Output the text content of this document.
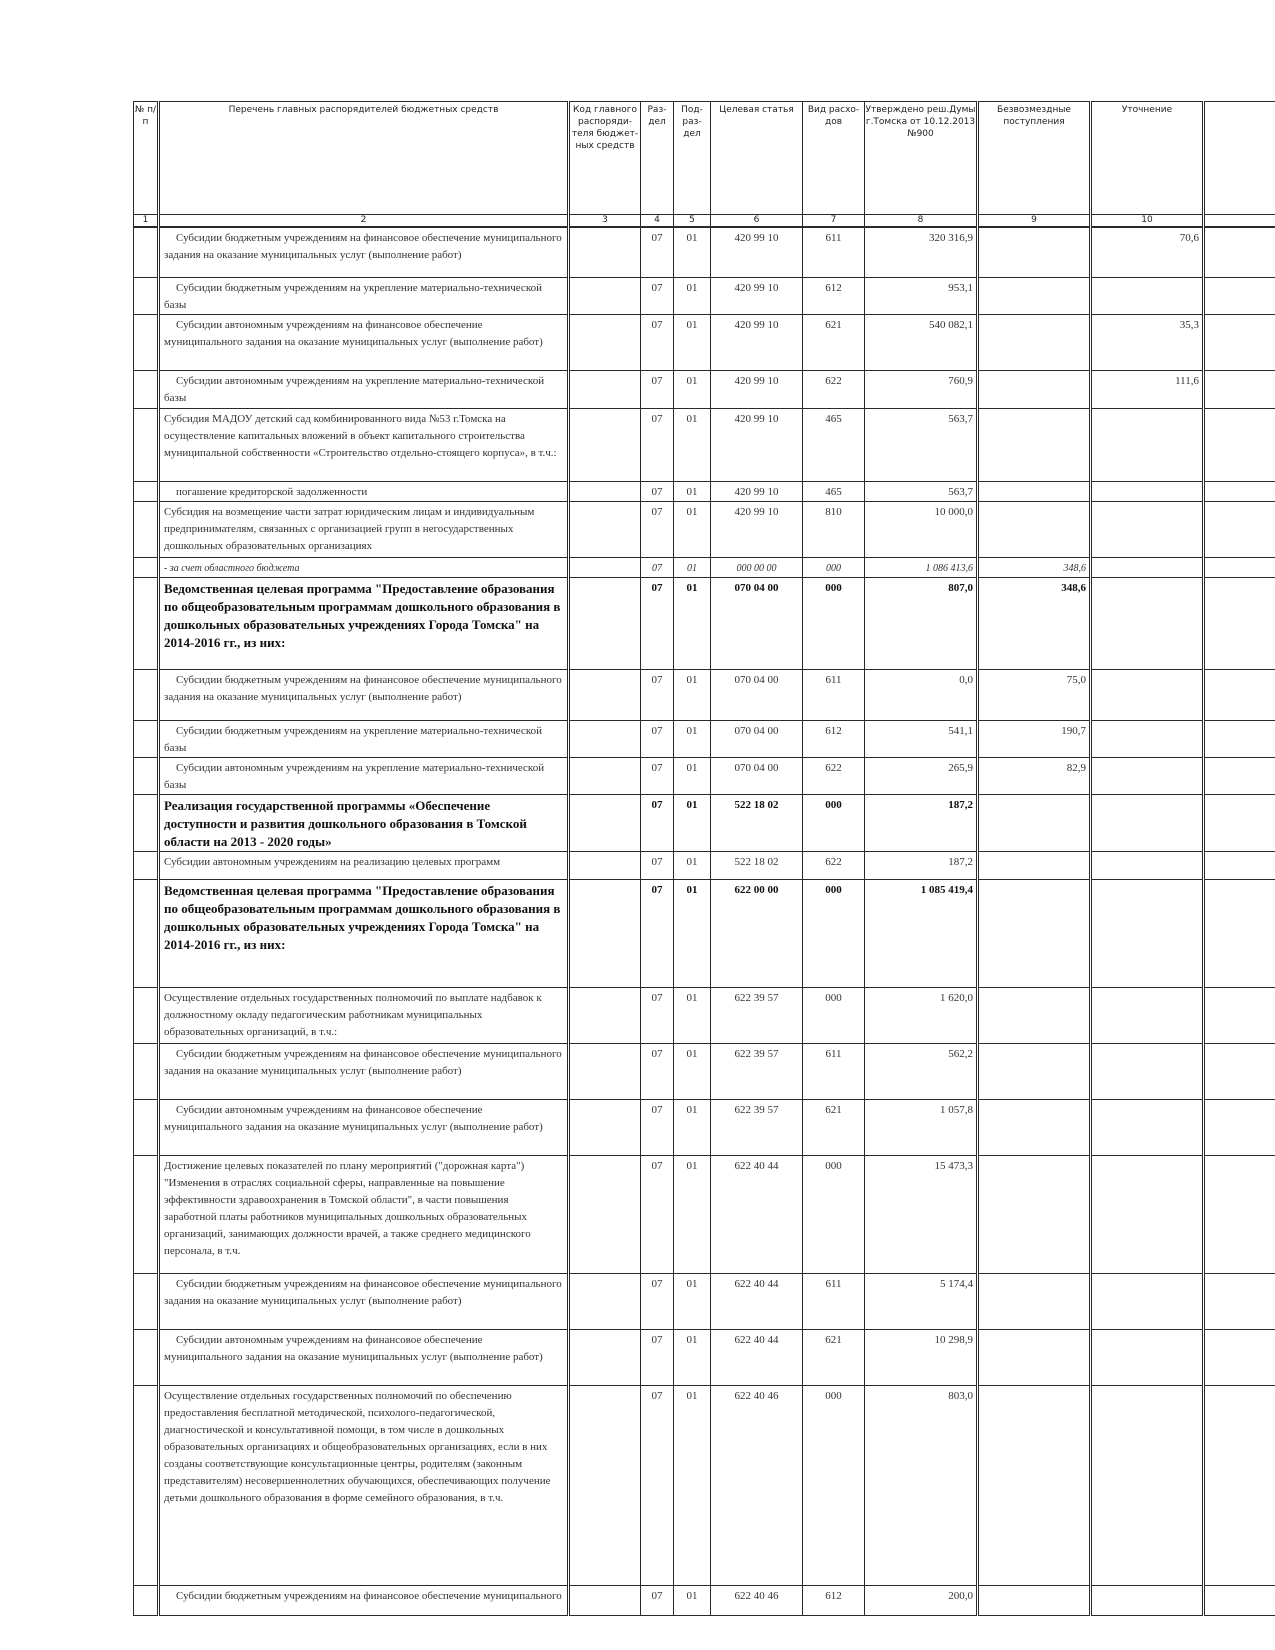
№ п/п	Перечень главных распорядителей бюджетных средств	Код главного распоряди-теля бюджет-ных средств	Раз-дел	Под-раз-дел	Целевая статья	Вид расхо-дов	Утверждено реш.Думы г.Томска от 10.12.2013 №900	Безвозмездные поступления	Уточнение	
1	2	3	4	5	6	7	8	9	10	
	Субсидии бюджетным учреждениям на финансовое обеспечение муниципального задания на оказание муниципальных услуг (выполнение работ)		07	01	420 99 10	611	320 316,9		70,6	
	Субсидии бюджетным учреждениям на укрепление материально-технической базы		07	01	420 99 10	612	953,1			
	Субсидии автономным учреждениям на финансовое обеспечение муниципального задания на оказание муниципальных услуг (выполнение работ)		07	01	420 99 10	621	540 082,1		35,3	
	Субсидии автономным учреждениям на укрепление материально-технической базы		07	01	420 99 10	622	760,9		111,6	
	Субсидия МАДОУ детский сад комбинированного вида №53 г.Томска на осуществление капитальных вложений в объект капитального строительства муниципальной собственности «Строительство отдельно-стоящего корпуса», в т.ч.:		07	01	420 99 10	465	563,7			
	погашение кредиторской задолженности		07	01	420 99 10	465	563,7			
	Субсидия на возмещение части затрат юридическим лицам и индивидуальным предпринимателям, связанных с организацией групп в негосударственных дошкольных образовательных организациях		07	01	420 99 10	810	10 000,0			
	- за счет областного бюджета		07	01	000 00 00	000	1 086 413,6	348,6		
	Ведомственная целевая программа "Предоставление образования по общеобразовательным программам дошкольного образования в дошкольных образовательных учреждениях Города Томска" на 2014-2016 гг., из них:		07	01	070 04 00	000	807,0	348,6		
	Субсидии бюджетным учреждениям на финансовое обеспечение муниципального задания на оказание муниципальных услуг (выполнение работ)		07	01	070 04 00	611	0,0	75,0		
	Субсидии бюджетным учреждениям на укрепление материально-технической базы		07	01	070 04 00	612	541,1	190,7		
	Субсидии автономным учреждениям на укрепление материально-технической базы		07	01	070 04 00	622	265,9	82,9		
	Реализация государственной программы «Обеспечение доступности и развития дошкольного образования в Томской области на 2013 - 2020 годы»		07	01	522 18 02	000	187,2			
	Субсидии автономным учреждениям на реализацию целевых программ		07	01	522 18 02	622	187,2			
	Ведомственная целевая программа "Предоставление образования по общеобразовательным программам дошкольного образования в дошкольных образовательных учреждениях Города Томска" на 2014-2016 гг., из них:		07	01	622 00 00	000	1 085 419,4			
	Осуществление отдельных государственных полномочий по выплате надбавок к должностному окладу педагогическим работникам муниципальных образовательных организаций, в т.ч.:		07	01	622 39 57	000	1 620,0			
	Субсидии бюджетным учреждениям на финансовое обеспечение муниципального задания на оказание муниципальных услуг (выполнение работ)		07	01	622 39 57	611	562,2			
	Субсидии автономным учреждениям на финансовое обеспечение муниципального задания на оказание муниципальных услуг (выполнение работ)		07	01	622 39 57	621	1 057,8			
	Достижение целевых показателей по плану мероприятий ("дорожная карта") "Изменения в отраслях социальной сферы, направленные на повышение эффективности здравоохранения в Томской области", в части повышения заработной платы работников муниципальных дошкольных образовательных организаций, занимающих должности врачей, а также среднего медицинского персонала, в т.ч.		07	01	622 40 44	000	15 473,3			
	Субсидии бюджетным учреждениям на финансовое обеспечение муниципального задания на оказание муниципальных услуг (выполнение работ)		07	01	622 40 44	611	5 174,4			
	Субсидии автономным учреждениям на финансовое обеспечение муниципального задания на оказание муниципальных услуг (выполнение работ)		07	01	622 40 44	621	10 298,9			
	Осуществление отдельных государственных полномочий по обеспечению предоставления бесплатной методической, психолого-педагогической, диагностической и консультативной помощи, в том числе в дошкольных образовательных организациях и общеобразовательных организациях, если в них созданы соответствующие консультационные центры, родителям (законным представителям) несовершеннолетних обучающихся, обеспечивающих получение детьми дошкольного образования в форме семейного образования, в т.ч.		07	01	622 40 46	000	803,0			
	Субсидии бюджетным учреждениям на финансовое обеспечение муниципального		07	01	622 40 46	612	200,0			
